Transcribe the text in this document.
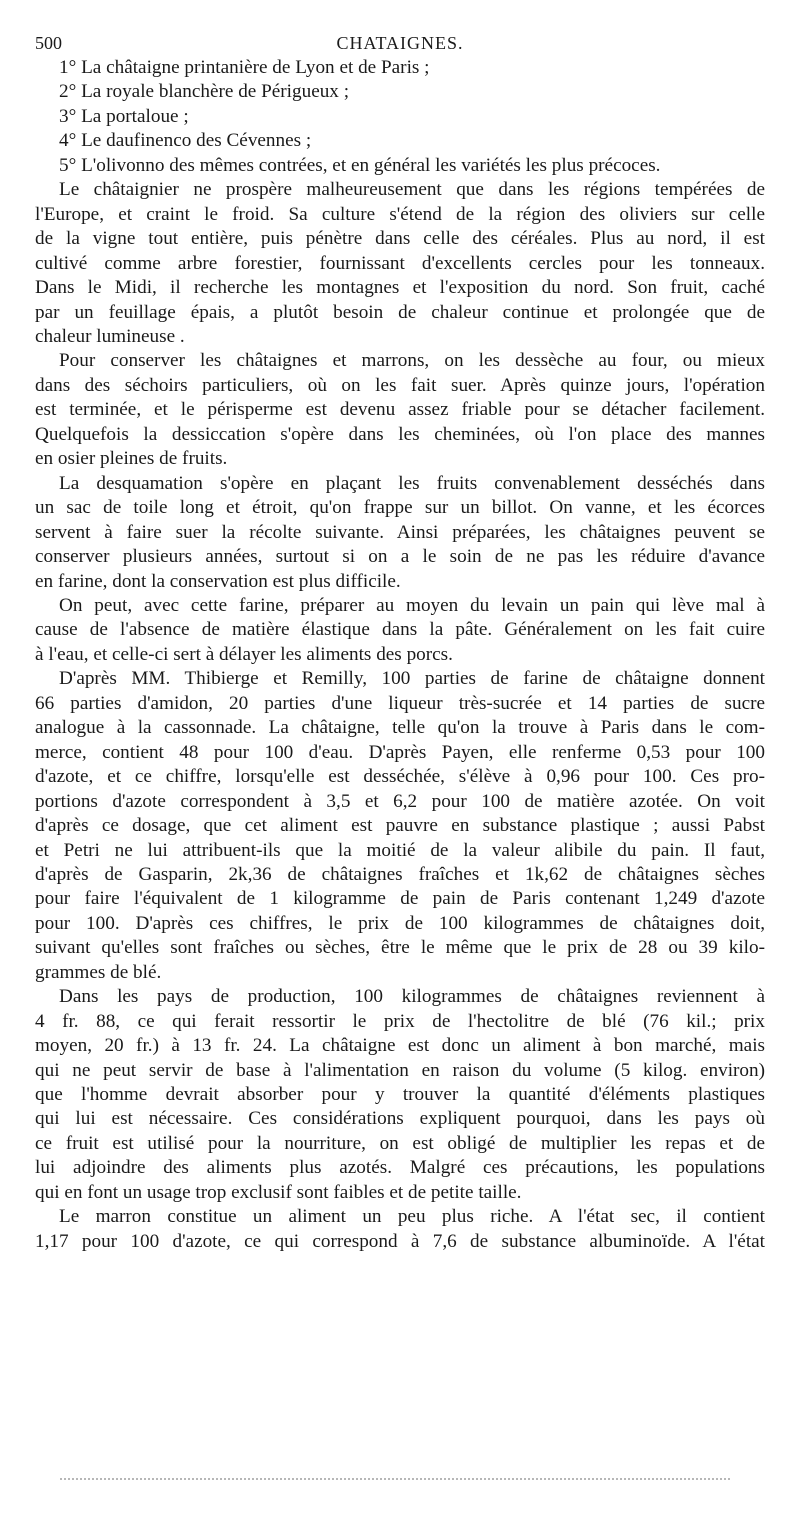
500	CHATAIGNES.
1° La châtaigne printanière de Lyon et de Paris ;
2° La royale blanchère de Périgueux ;
3° La portaloue ;
4° Le daufinenco des Cévennes ;
5° L'olivonno des mêmes contrées, et en général les variétés les plus précoces.
Le châtaignier ne prospère malheureusement que dans les régions tempérées de
l'Europe, et craint le froid. Sa culture s'étend de la région des oliviers sur celle
de la vigne tout entière, puis pénètre dans celle des céréales. Plus au nord, il est
cultivé comme arbre forestier, fournissant d'excellents cercles pour les tonneaux.
Dans le Midi, il recherche les montagnes et l'exposition du nord. Son fruit, caché
par un feuillage épais, a plutôt besoin de chaleur continue et prolongée que de
chaleur lumineuse .
Pour conserver les châtaignes et marrons, on les dessèche au four, ou mieux
dans des séchoirs particuliers, où on les fait suer. Après quinze jours, l'opération
est terminée, et le périsperme est devenu assez friable pour se détacher facilement.
Quelquefois la dessiccation s'opère dans les cheminées, où l'on place des mannes
en osier pleines de fruits.
La desquamation s'opère en plaçant les fruits convenablement desséchés dans
un sac de toile long et étroit, qu'on frappe sur un billot. On vanne, et les écorces
servent à faire suer la récolte suivante. Ainsi préparées, les châtaignes peuvent se
conserver plusieurs années, surtout si on a le soin de ne pas les réduire d'avance
en farine, dont la conservation est plus difficile.
On peut, avec cette farine, préparer au moyen du levain un pain qui lève mal à
cause de l'absence de matière élastique dans la pâte. Généralement on les fait cuire
à l'eau, et celle-ci sert à délayer les aliments des porcs.
D'après MM. Thibierge et Remilly, 100 parties de farine de châtaigne donnent
66 parties d'amidon, 20 parties d'une liqueur très-sucrée et 14 parties de sucre
analogue à la cassonnade. La châtaigne, telle qu'on la trouve à Paris dans le com-
merce, contient 48 pour 100 d'eau. D'après Payen, elle renferme 0,53 pour 100
d'azote, et ce chiffre, lorsqu'elle est desséchée, s'élève à 0,96 pour 100. Ces pro-
portions d'azote correspondent à 3,5 et 6,2 pour 100 de matière azotée. On voit
d'après ce dosage, que cet aliment est pauvre en substance plastique ; aussi Pabst
et Petri ne lui attribuent-ils que la moitié de la valeur alibile du pain. Il faut,
d'après de Gasparin, 2k,36 de châtaignes fraîches et 1k,62 de châtaignes sèches
pour faire l'équivalent de 1 kilogramme de pain de Paris contenant 1,249 d'azote
pour 100. D'après ces chiffres, le prix de 100 kilogrammes de châtaignes doit,
suivant qu'elles sont fraîches ou sèches, être le même que le prix de 28 ou 39 kilo-
grammes de blé.
Dans les pays de production, 100 kilogrammes de châtaignes reviennent à
4 fr. 88, ce qui ferait ressortir le prix de l'hectolitre de blé (76 kil.; prix
moyen, 20 fr.) à 13 fr. 24. La châtaigne est donc un aliment à bon marché, mais
qui ne peut servir de base à l'alimentation en raison du volume (5 kilog. environ)
que l'homme devrait absorber pour y trouver la quantité d'éléments plastiques
qui lui est nécessaire. Ces considérations expliquent pourquoi, dans les pays où
ce fruit est utilisé pour la nourriture, on est obligé de multiplier les repas et de
lui adjoindre des aliments plus azotés. Malgré ces précautions, les populations
qui en font un usage trop exclusif sont faibles et de petite taille.
Le marron constitue un aliment un peu plus riche. A l'état sec, il contient
1,17 pour 100 d'azote, ce qui correspond à 7,6 de substance albuminoïde. A l'état
